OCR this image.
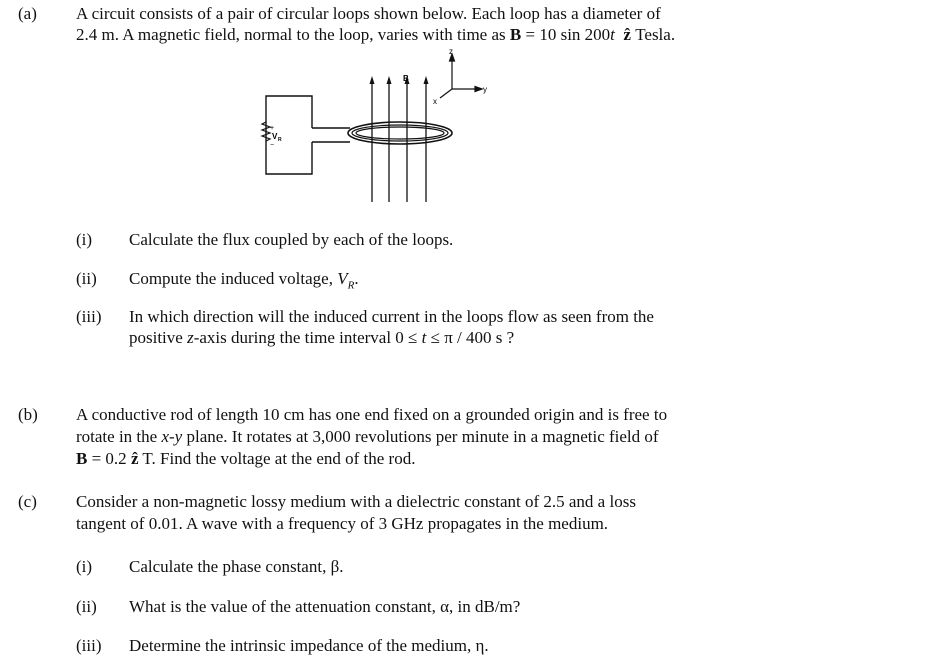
(a) A circuit consists of a pair of circular loops shown below. Each loop has a diameter of
2.4 m. A magnetic field, normal to the loop, varies with time as B = 10 sin 200t ẑ Tesla.
z
y
x
+
−
V R
B
(i) Calculate the flux coupled by each of the loops.
(ii) Compute the induced voltage, $V_R$.
(iii) In which direction will the induced current in the loops flow as seen from the
positive z-axis during the time interval 0 ≤ t ≤ π / 400 s ?
(b) A conductive rod of length 10 cm has one end fixed on a grounded origin and is free to
rotate in the x-y plane. It rotates at 3,000 revolutions per minute in a magnetic field of
B = 0.2 ẑ T. Find the voltage at the end of the rod.
(c) Consider a non-magnetic lossy medium with a dielectric constant of 2.5 and a loss
tangent of 0.01. A wave with a frequency of 3 GHz propagates in the medium.
(i) Calculate the phase constant, β.
(ii) What is the value of the attenuation constant, α, in dB/m?
(iii) Determine the intrinsic impedance of the medium, η.
